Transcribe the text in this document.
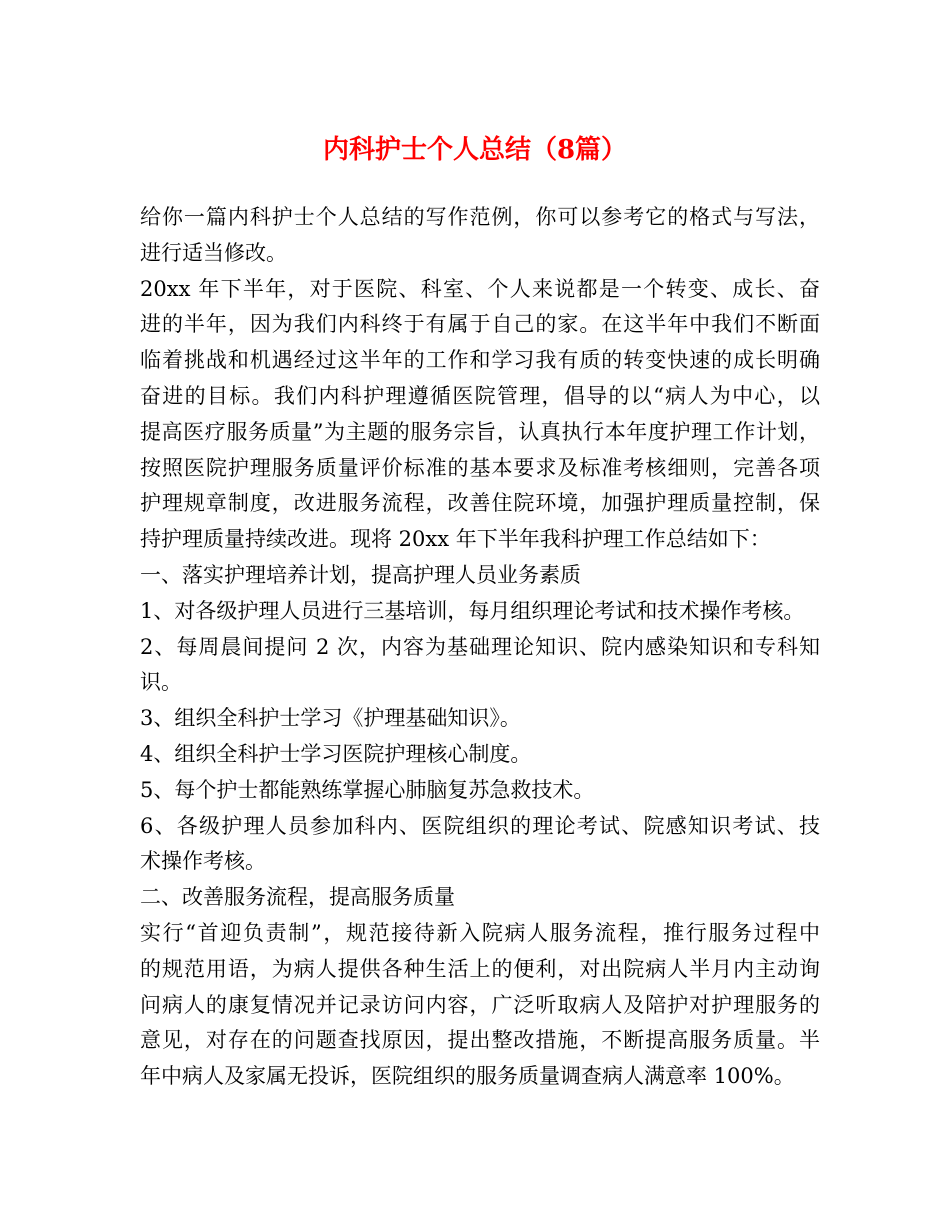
内科护士个人总结（8篇）
给你一篇内科护士个人总结的写作范例，你可以参考它的格式与写法，
进行适当修改。
20xx 年下半年，对于医院、科室、个人来说都是一个转变、成长、奋
进的半年，因为我们内科终于有属于自己的家。在这半年中我们不断面
临着挑战和机遇经过这半年的工作和学习我有质的转变快速的成长明确
奋进的目标。我们内科护理遵循医院管理，倡导的以“病人为中心，以
提高医疗服务质量”为主题的服务宗旨，认真执行本年度护理工作计划，
按照医院护理服务质量评价标准的基本要求及标准考核细则，完善各项
护理规章制度，改进服务流程，改善住院环境，加强护理质量控制，保
持护理质量持续改进。现将 20xx 年下半年我科护理工作总结如下：
一、落实护理培养计划，提高护理人员业务素质
1、对各级护理人员进行三基培训，每月组织理论考试和技术操作考核。
2、每周晨间提问 2 次，内容为基础理论知识、院内感染知识和专科知
识。
3、组织全科护士学习《护理基础知识》。
4、组织全科护士学习医院护理核心制度。
5、每个护士都能熟练掌握心肺脑复苏急救技术。
6、各级护理人员参加科内、医院组织的理论考试、院感知识考试、技
术操作考核。
二、改善服务流程，提高服务质量
实行“首迎负责制”，规范接待新入院病人服务流程，推行服务过程中
的规范用语，为病人提供各种生活上的便利，对出院病人半月内主动询
问病人的康复情况并记录访问内容，广泛听取病人及陪护对护理服务的
意见，对存在的问题查找原因，提出整改措施，不断提高服务质量。半
年中病人及家属无投诉，医院组织的服务质量调查病人满意率 100%。
